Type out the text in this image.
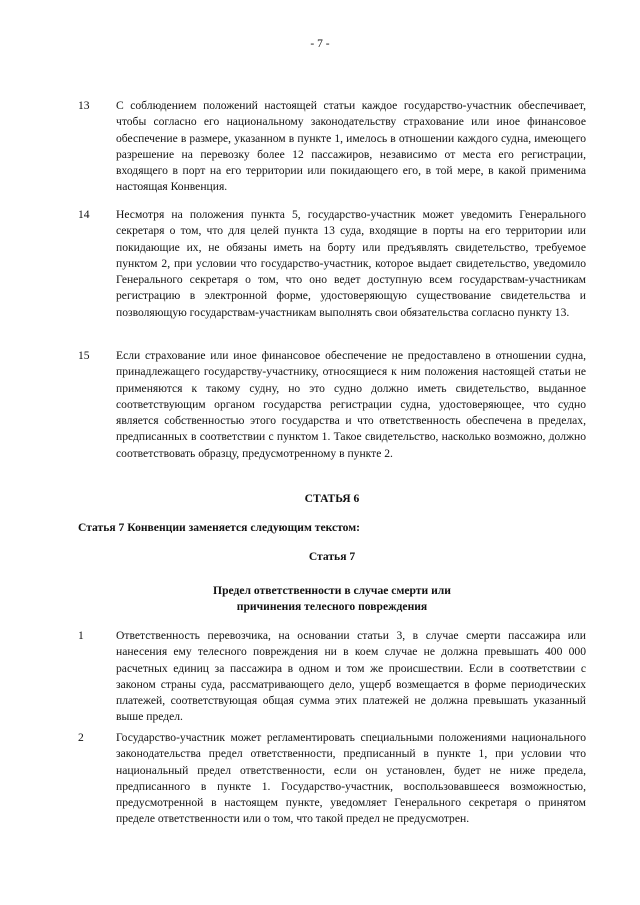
- 7 -
13	С соблюдением положений настоящей статьи каждое государство-участник обеспечивает, чтобы согласно его национальному законодательству страхование или иное финансовое обеспечение в размере, указанном в пункте 1, имелось в отношении каждого судна, имеющего разрешение на перевозку более 12 пассажиров, независимо от места его регистрации, входящего в порт на его территории или покидающего его, в той мере, в какой применима настоящая Конвенция.
14	Несмотря на положения пункта 5, государство-участник может уведомить Генерального секретаря о том, что для целей пункта 13 суда, входящие в порты на его территории или покидающие их, не обязаны иметь на борту или предъявлять свидетельство, требуемое пунктом 2, при условии что государство-участник, которое выдает свидетельство, уведомило Генерального секретаря о том, что оно ведет доступную всем государствам-участникам регистрацию в электронной форме, удостоверяющую существование свидетельства и позволяющую государствам-участникам выполнять свои обязательства согласно пункту 13.
15	Если страхование или иное финансовое обеспечение не предоставлено в отношении судна, принадлежащего государству-участнику, относящиеся к ним положения настоящей статьи не применяются к такому судну, но это судно должно иметь свидетельство, выданное соответствующим органом государства регистрации судна, удостоверяющее, что судно является собственностью этого государства и что ответственность обеспечена в пределах, предписанных в соответствии с пунктом 1. Такое свидетельство, насколько возможно, должно соответствовать образцу, предусмотренному в пункте 2.
СТАТЬЯ 6
Статья 7 Конвенции заменяется следующим текстом:
Статья 7
Предел ответственности в случае смерти или
причинения телесного повреждения
1	Ответственность перевозчика, на основании статьи 3, в случае смерти пассажира или нанесения ему телесного повреждения ни в коем случае не должна превышать 400 000 расчетных единиц за пассажира в одном и том же происшествии. Если в соответствии с законом страны суда, рассматривающего дело, ущерб возмещается в форме периодических платежей, соответствующая общая сумма этих платежей не должна превышать указанный выше предел.
2	Государство-участник может регламентировать специальными положениями национального законодательства предел ответственности, предписанный в пункте 1, при условии что национальный предел ответственности, если он установлен, будет не ниже предела, предписанного в пункте 1. Государство-участник, воспользовавшееся возможностью, предусмотренной в настоящем пункте, уведомляет Генерального секретаря о принятом пределе ответственности или о том, что такой предел не предусмотрен.
